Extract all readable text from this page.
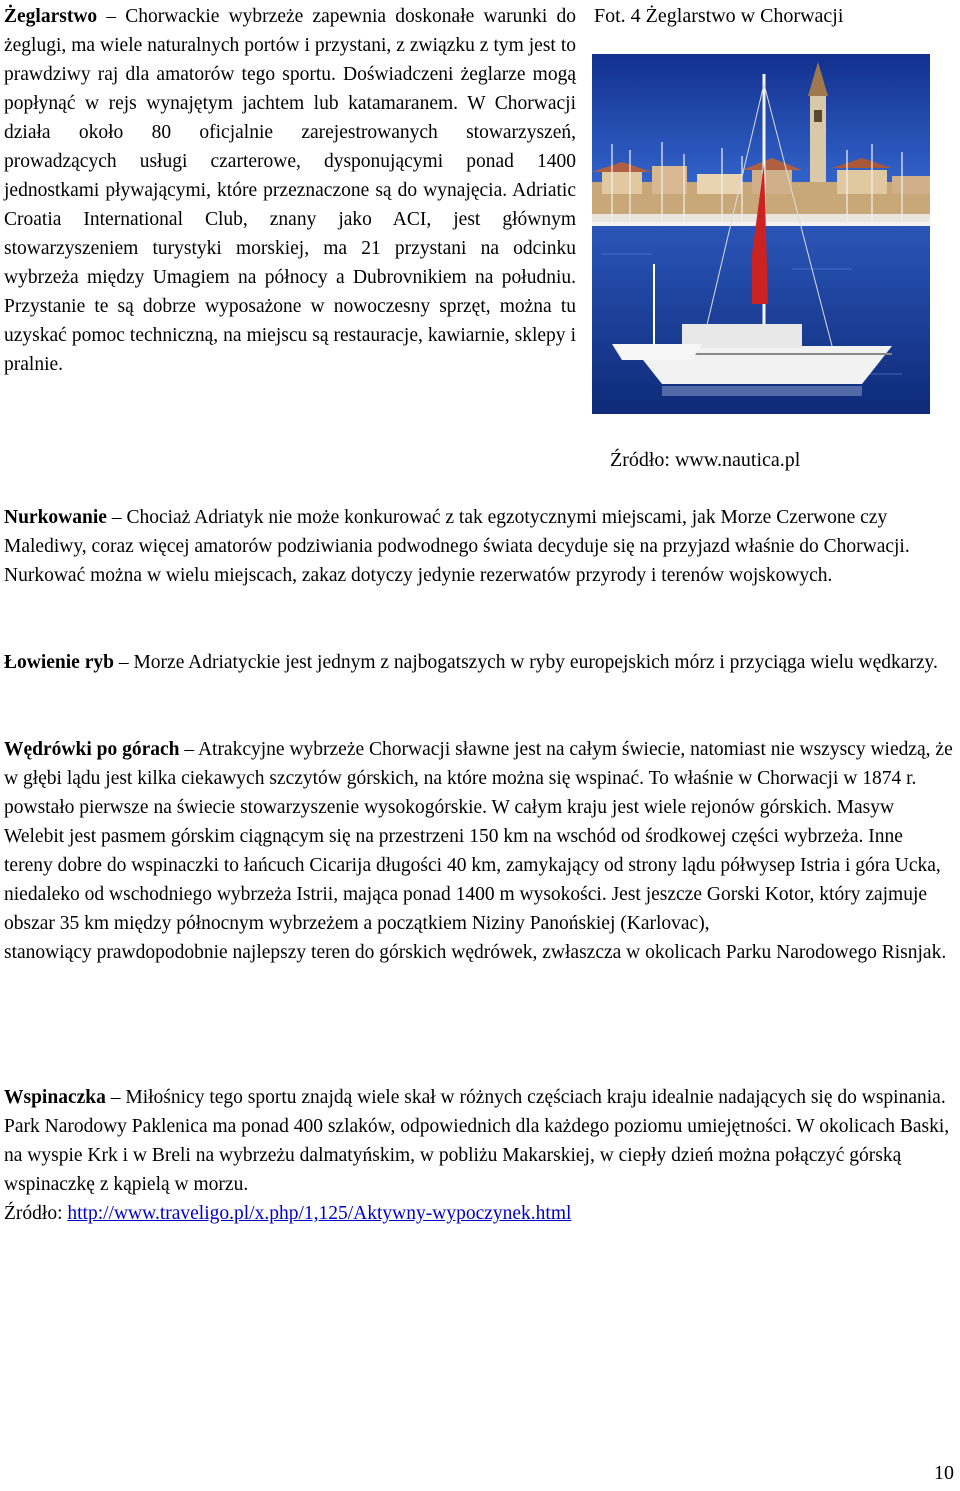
Żeglarstwo – Chorwackie wybrzeże zapewnia doskonałe warunki do żeglugi, ma wiele naturalnych portów i przystani, z związku z tym jest to prawdziwy raj dla amatorów tego sportu. Doświadczeni żeglarze mogą popłynąć w rejs wynajętym jachtem lub katamaranem. W Chorwacji działa około 80 oficjalnie zarejestrowanych stowarzyszeń, prowadzących usługi czarterowe, dysponującymi ponad 1400 jednostkami pływającymi, które przeznaczone są do wynajęcia. Adriatic Croatia International Club, znany jako ACI, jest głównym stowarzyszeniem turystyki morskiej, ma 21 przystani na odcinku wybrzeża między Umagiem na północy a Dubrovnikiem na południu. Przystanie te są dobrze wyposażone w nowoczesny sprzęt, można tu uzyskać pomoc techniczną, na miejscu są restauracje, kawiarnie, sklepy i pralnie.

Fot. 4 Żeglarstwo w Chorwacji

Źródło: www.nautica.pl

Nurkowanie – Chociaż Adriatyk nie może konkurować z tak egzotycznymi miejscami, jak Morze Czerwone czy Malediwy, coraz więcej amatorów podziwiania podwodnego świata decyduje się na przyjazd właśnie do Chorwacji. Nurkować można w wielu miejscach, zakaz dotyczy jedynie rezerwatów przyrody i terenów wojskowych.

Łowienie ryb – Morze Adriatyckie jest jednym z najbogatszych w ryby europejskich mórz i przyciąga wielu wędkarzy.

Wędrówki po górach – Atrakcyjne wybrzeże Chorwacji sławne jest na całym świecie, natomiast nie wszyscy wiedzą, że w głębi lądu jest kilka ciekawych szczytów górskich, na które można się wspinać. To właśnie w Chorwacji w 1874 r. powstało pierwsze na świecie stowarzyszenie wysokogórskie. W całym kraju jest wiele rejonów górskich. Masyw Welebit jest pasmem górskim ciągnącym się na przestrzeni 150 km na wschód od środkowej części wybrzeża. Inne tereny dobre do wspinaczki to łańcuch Cicarija długości 40 km, zamykający od strony lądu półwysep Istria i góra Ucka, niedaleko od wschodniego wybrzeża Istrii, mająca ponad 1400 m wysokości. Jest jeszcze Gorski Kotor, który zajmuje obszar 35 km między północnym wybrzeżem a początkiem Niziny Panońskiej (Karlovac),

stanowiący prawdopodobnie najlepszy teren do górskich wędrówek, zwłaszcza w okolicach Parku Narodowego Risnjak.

Wspinaczka – Miłośnicy tego sportu znajdą wiele skał w różnych częściach kraju idealnie nadających się do wspinania. Park Narodowy Paklenica ma ponad 400 szlaków, odpowiednich dla każdego poziomu umiejętności. W okolicach Baski, na wyspie Krk i w Breli na wybrzeżu dalmatyńskim, w pobliżu Makarskiej, w ciepły dzień można połączyć górską wspinaczkę z kąpielą w morzu.

Źródło: http://www.traveligo.pl/x.php/1,125/Aktywny-wypoczynek.html

10
